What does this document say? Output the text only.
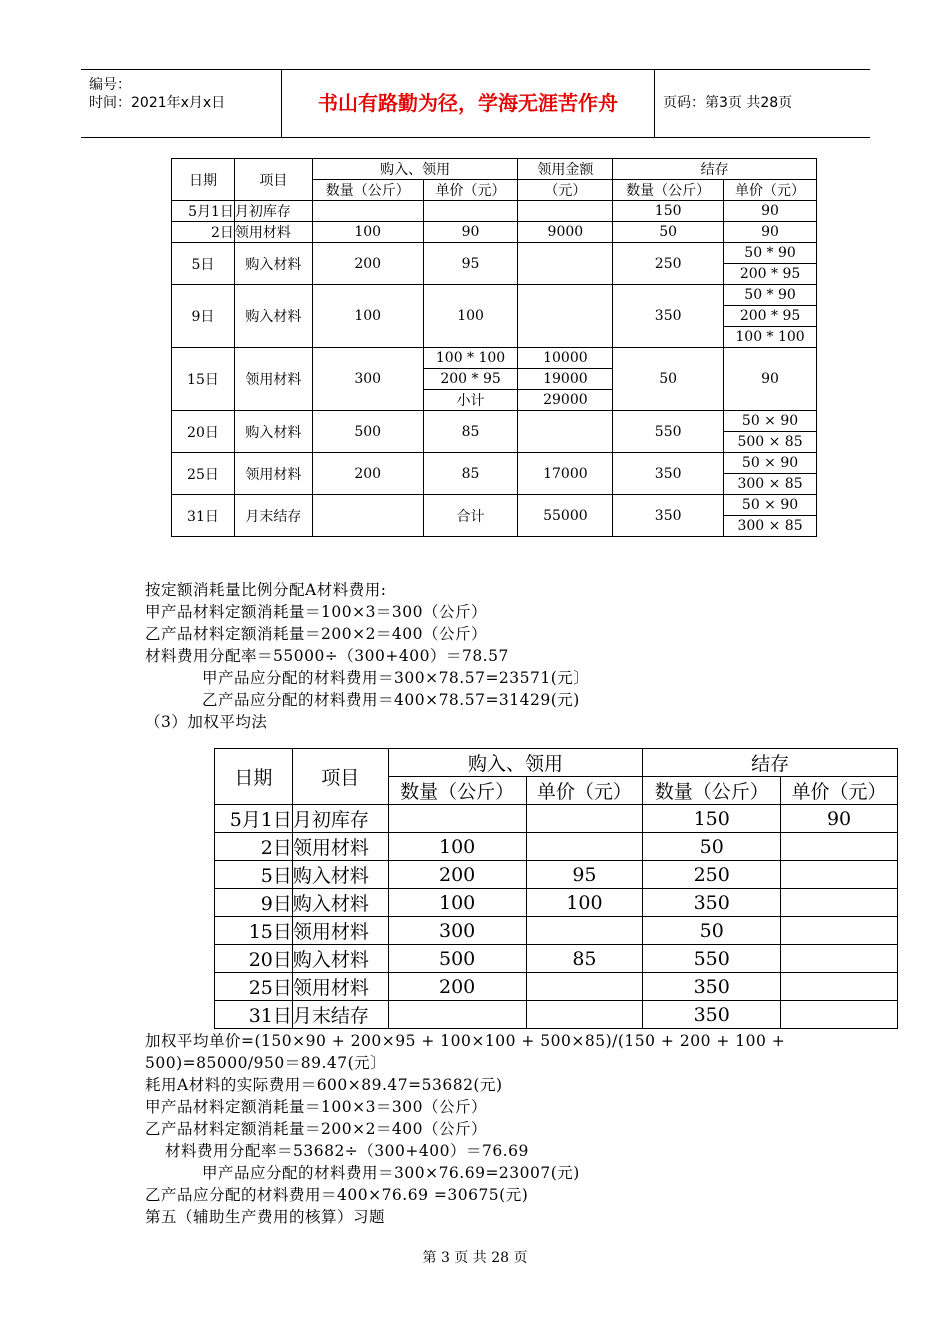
编号：
时间：2021年x月x日	书山有路勤为径，学海无涯苦作舟	页码：第3页 共28页
日期	项目	购入、领用		领用金额	结存	
		数量（公斤）	单价（元）	（元）	数量（公斤）	单价（元）
5月1日	月初库存				150	90
2日	领用材料	100	90	9000	50	90
5日	购入材料	200	95		250	50 * 90
						200 * 95
9日	购入材料	100	100		350	50 * 90
						200 * 95
						100 * 100
15日	领用材料	300	100 * 100	10000	50	90
			200 * 95	19000		
			小计	29000		
20日	购入材料	500	85		550	50 × 90
						500 × 85
25日	领用材料	200	85	17000	350	50 × 90
						300 × 85
31日	月末结存		合计	55000	350	50 × 90
						300 × 85
按定额消耗量比例分配A材料费用:
甲产品材料定额消耗量＝100×3＝300（公斤）
乙产品材料定额消耗量＝200×2＝400（公斤）
材料费用分配率＝55000÷（300+400）＝78.57
甲产品应分配的材料费用＝300×78.57=23571(元〕
乙产品应分配的材料费用＝400×78.57=31429(元)
（3）加权平均法
日期	项目	购入、领用		结存	
		数量（公斤）	单价（元）	数量（公斤）	单价（元）
5月1日	月初库存			150	90
2日	领用材料	100		50	
5日	购入材料	200	95	250	
9日	购入材料	100	100	350	
15日	领用材料	300		50	
20日	购入材料	500	85	550	
25日	领用材料	200		350	
31日	月末结存			350	
加权平均单价=(150×90 + 200×95 + 100×100 + 500×85)/(150 + 200 + 100 +
500)=85000/950＝89.47(元〕
耗用A材料的实际费用＝600×89.47=53682(元)
甲产品材料定额消耗量＝100×3＝300（公斤）
乙产品材料定额消耗量＝200×2＝400（公斤）
材料费用分配率＝53682÷（300+400）＝76.69
甲产品应分配的材料费用＝300×76.69=23007(元)
乙产品应分配的材料费用＝400×76.69 =30675(元)
第五（辅助生产费用的核算）习题
第 3 页 共 28 页
